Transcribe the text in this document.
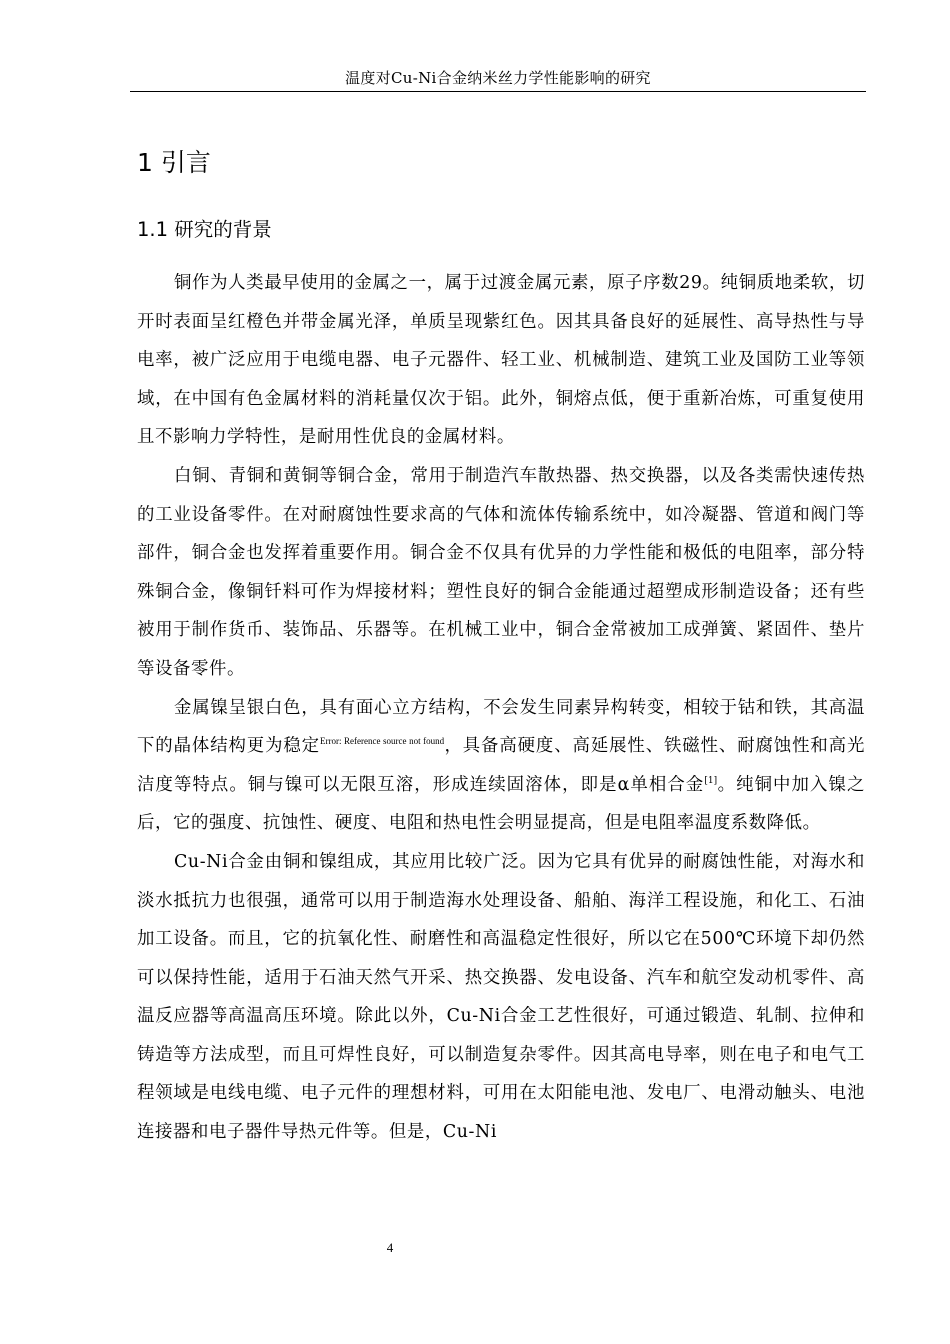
温度对Cu-Ni合金纳米丝力学性能影响的研究
1 引言
1.1 研究的背景

铜作为人类最早使用的金属之一，属于过渡金属元素，原子序数29。纯铜质地柔软，切开时表面呈红橙色并带金属光泽，单质呈现紫红色。因其具备良好的延展性、高导热性与导电率，被广泛应用于电缆电器、电子元器件、轻工业、机械制造、建筑工业及国防工业等领域，在中国有色金属材料的消耗量仅次于铝。此外，铜熔点低，便于重新冶炼，可重复使用且不影响力学特性，是耐用性优良的金属材料。

白铜、青铜和黄铜等铜合金，常用于制造汽车散热器、热交换器，以及各类需快速传热的工业设备零件。在对耐腐蚀性要求高的气体和流体传输系统中，如冷凝器、管道和阀门等部件，铜合金也发挥着重要作用。铜合金不仅具有优异的力学性能和极低的电阻率，部分特殊铜合金，像铜钎料可作为焊接材料；塑性良好的铜合金能通过超塑成形制造设备；还有些被用于制作货币、装饰品、乐器等。在机械工业中，铜合金常被加工成弹簧、紧固件、垫片等设备零件。

金属镍呈银白色，具有面心立方结构，不会发生同素异构转变，相较于钴和铁，其高温下的晶体结构更为稳定$^{Error: Reference source not found}$，具备高硬度、高延展性、铁磁性、耐腐蚀性和高光洁度等特点。铜与镍可以无限互溶，形成连续固溶体，即是α单相合金[1]。纯铜中加入镍之后，它的强度、抗蚀性、硬度、电阻和热电性会明显提高，但是电阻率温度系数降低。

Cu-Ni合金由铜和镍组成，其应用比较广泛。因为它具有优异的耐腐蚀性能，对海水和淡水抵抗力也很强，通常可以用于制造海水处理设备、船舶、海洋工程设施，和化工、石油加工设备。而且，它的抗氧化性、耐磨性和高温稳定性很好，所以它在500℃环境下却仍然可以保持性能，适用于石油天然气开采、热交换器、发电设备、汽车和航空发动机零件、高温反应器等高温高压环境。除此以外，Cu-Ni合金工艺性很好，可通过锻造、轧制、拉伸和铸造等方法成型，而且可焊性良好，可以制造复杂零件。因其高电导率，则在电子和电气工程领域是电线电缆、电子元件的理想材料，可用在太阳能电池、发电厂、电滑动触头、电池连接器和电子器件导热元件等。但是，Cu-Ni

4
